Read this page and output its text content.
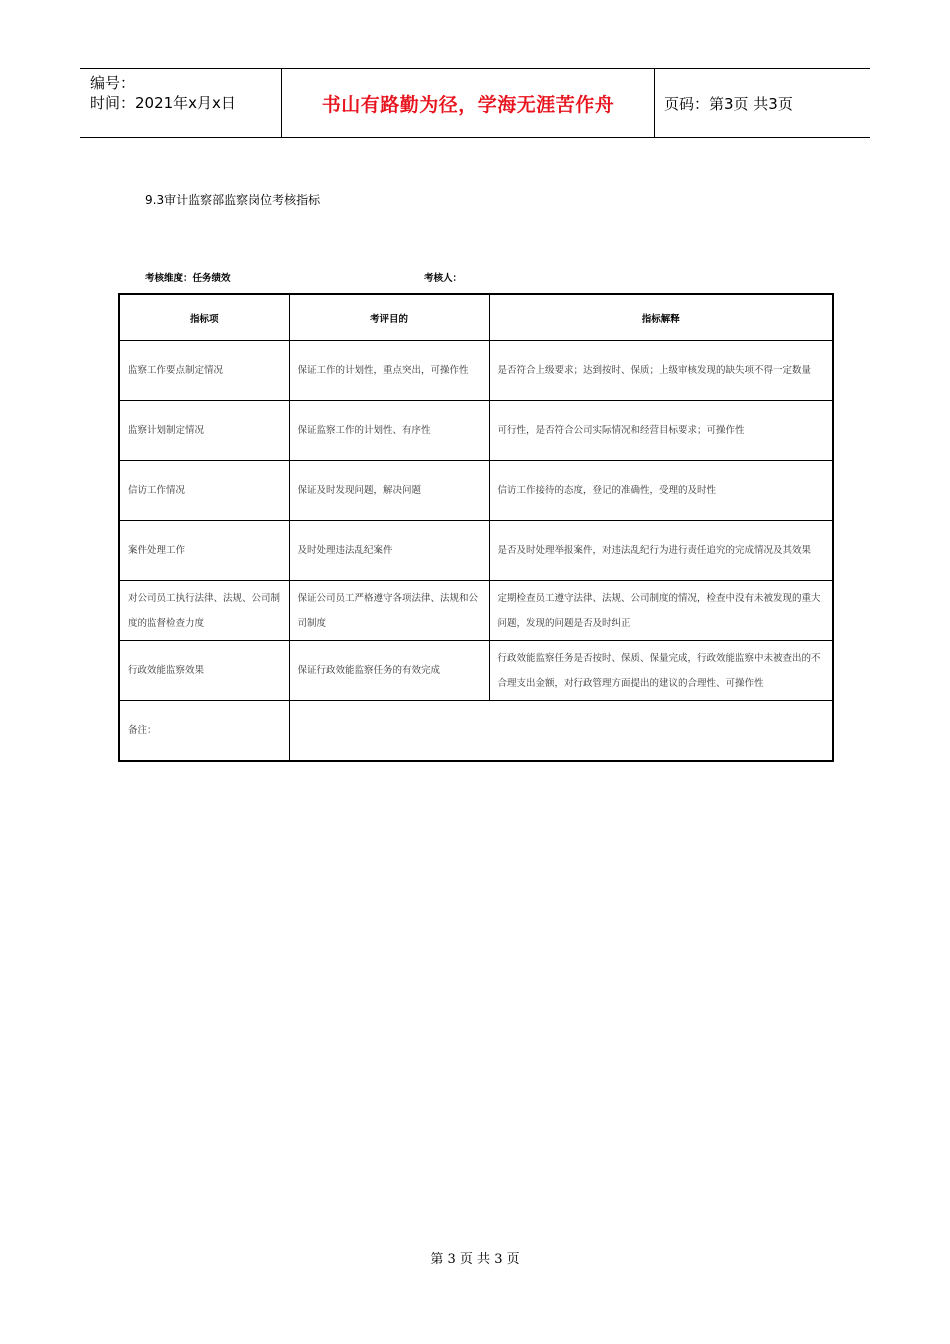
编号：
时间：2021年x月x日	书山有路勤为径，学海无涯苦作舟	页码：第3页 共3页
9.3审计监察部监察岗位考核指标
考核维度：任务绩效	考核人：
指标项	考评目的	指标解释
监察工作要点制定情况	保证工作的计划性，重点突出，可操作性	是否符合上级要求；达到按时、保质；上级审核发现的缺失项不得一定数量
监察计划制定情况	保证监察工作的计划性、有序性	可行性，是否符合公司实际情况和经营目标要求；可操作性
信访工作情况	保证及时发现问题，解决问题	信访工作接待的态度，登记的准确性，受理的及时性
案件处理工作	及时处理违法乱纪案件	是否及时处理举报案件，对违法乱纪行为进行责任追究的完成情况及其效果
对公司员工执行法律、法规、公司制度的监督检查力度	保证公司员工严格遵守各项法律、法规和公司制度	定期检查员工遵守法律、法规、公司制度的情况，检查中没有未被发现的重大问题，发现的问题是否及时纠正
行政效能监察效果	保证行政效能监察任务的有效完成	行政效能监察任务是否按时、保质、保量完成，行政效能监察中未被查出的不合理支出金额，对行政管理方面提出的建议的合理性、可操作性
备注：		
第 3 页 共 3 页
